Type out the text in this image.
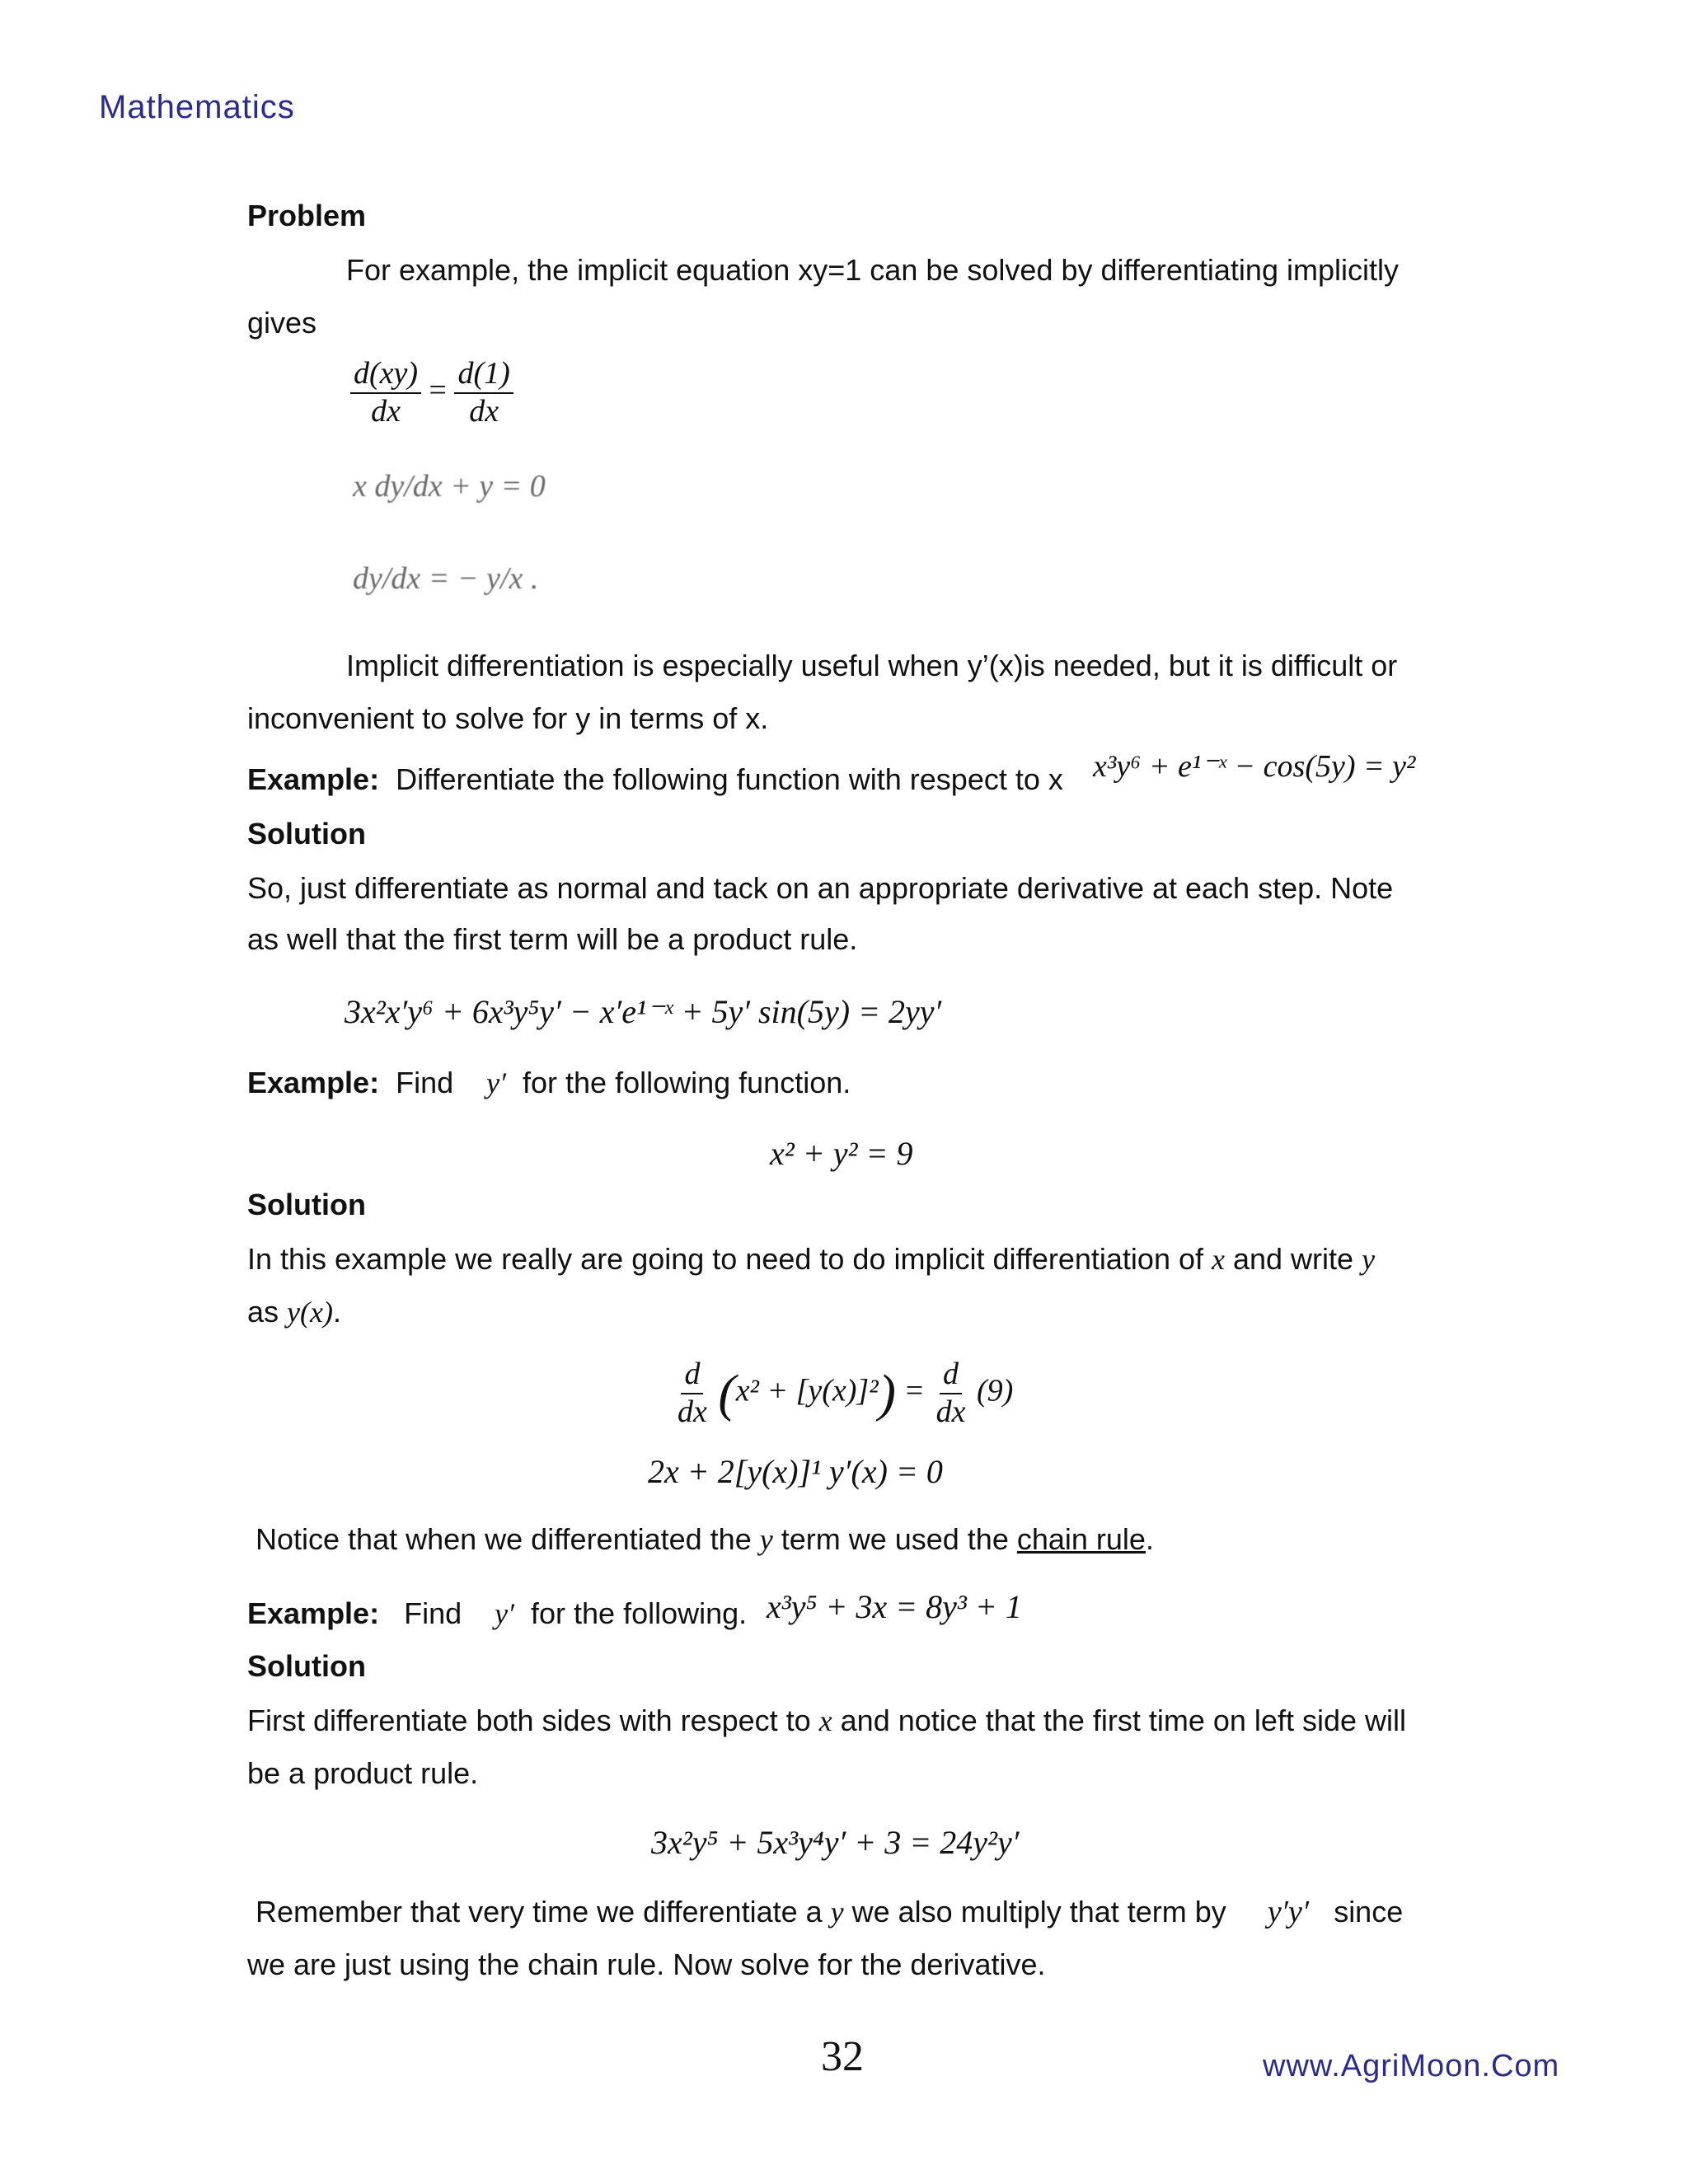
Mathematics
Problem
For example, the implicit equation xy=1 can be solved by differentiating implicitly
gives
$\frac{d(xy)}{dx} = \frac{d(1)}{dx}$
x dy/dx + y = 0
dy/dx = − y/x .
Implicit differentiation is especially useful when y’(x)is needed, but it is difficult or
inconvenient to solve for y in terms of x.
Example: Differentiate the following function with respect to x x³y⁶ + e¹⁻ˣ − cos(5y) = y²
Solution
So, just differentiate as normal and tack on an appropriate derivative at each step. Note
as well that the first term will be a product rule.
3x²x′y⁶ + 6x³y⁵y′ − x′e¹⁻ˣ + 5y′ sin(5y) = 2yy′
Example: Find y′ for the following function.
x² + y² = 9
Solution
In this example we really are going to need to do implicit differentiation of x and write y
as y(x).
$\frac{d}{dx} (x^2 + [y(x)]^2) = \frac{d}{dx} (9)$
2x + 2[y(x)]¹ y′(x) = 0
Notice that when we differentiated the y term we used the chain rule.
Example: Find y′ for the following. x³y⁵ + 3x = 8y³ + 1
Solution
First differentiate both sides with respect to x and notice that the first time on left side will
be a product rule.
3x²y⁵ + 5x³y⁴y′ + 3 = 24y²y′
Remember that very time we differentiate a y we also multiply that term by y′y′ since
we are just using the chain rule. Now solve for the derivative.
32	www.AgriMoon.Com
